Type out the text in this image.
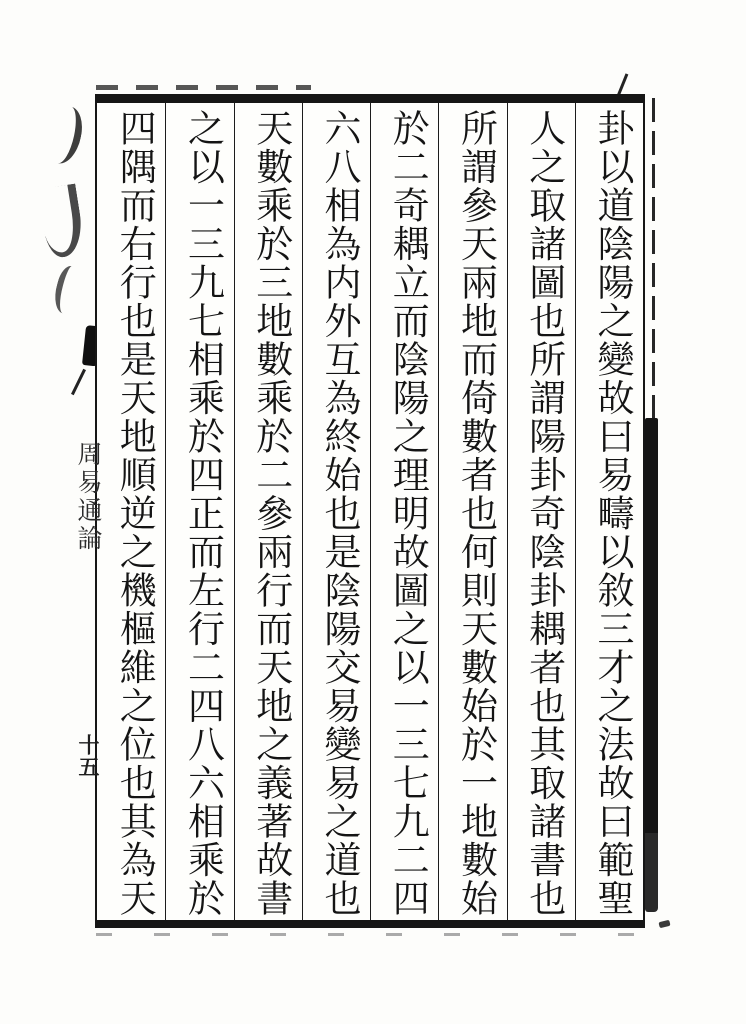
卦以道陰陽之變故曰易疇以敘三才之法故曰範聖
人之取諸圖也所謂陽卦奇陰卦耦者也其取諸書也
所謂參天兩地而倚數者也何則天數始於一地數始
於二奇耦立而陰陽之理明故圖之以一三七九二四
六八相為内外互為終始也是陰陽交易變易之道也
天數乘於三地數乘於二參兩行而天地之義著故書
之以一三九七相乘於四正而左行二四八六相乘於
四隅而右行也是天地順逆之機樞維之位也其為天
周易通論
十五
